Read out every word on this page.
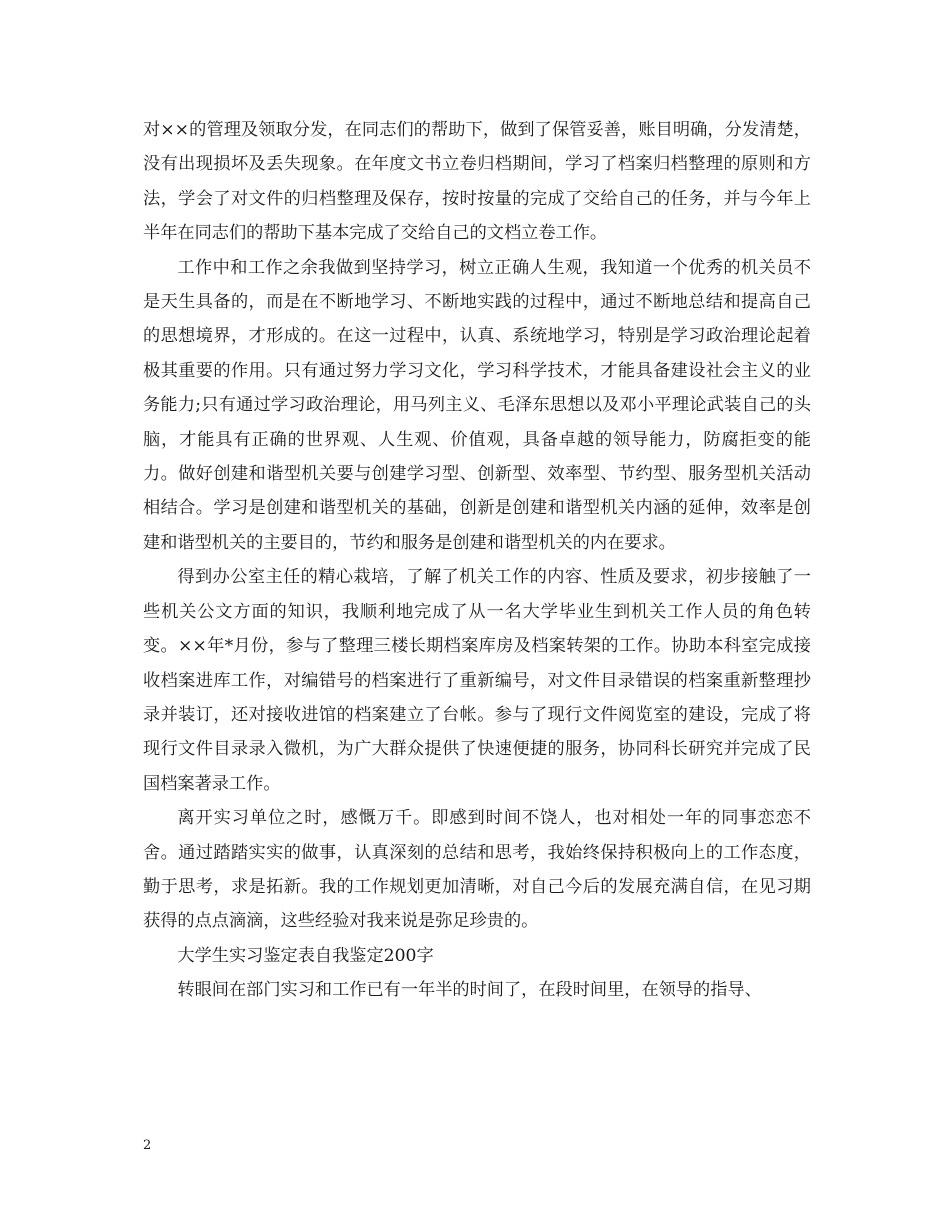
对××的管理及领取分发，在同志们的帮助下，做到了保管妥善，账目明确，分发清楚，没有出现损坏及丢失现象。在年度文书立卷归档期间，学习了档案归档整理的原则和方法，学会了对文件的归档整理及保存，按时按量的完成了交给自己的任务，并与今年上半年在同志们的帮助下基本完成了交给自己的文档立卷工作。

工作中和工作之余我做到坚持学习，树立正确人生观，我知道一个优秀的机关员不是天生具备的，而是在不断地学习、不断地实践的过程中，通过不断地总结和提高自己的思想境界，才形成的。在这一过程中，认真、系统地学习，特别是学习政治理论起着极其重要的作用。只有通过努力学习文化，学习科学技术，才能具备建设社会主义的业务能力;只有通过学习政治理论，用马列主义、毛泽东思想以及邓小平理论武装自己的头脑，才能具有正确的世界观、人生观、价值观，具备卓越的领导能力，防腐拒变的能力。做好创建和谐型机关要与创建学习型、创新型、效率型、节约型、服务型机关活动相结合。学习是创建和谐型机关的基础，创新是创建和谐型机关内涵的延伸，效率是创建和谐型机关的主要目的，节约和服务是创建和谐型机关的内在要求。

得到办公室主任的精心栽培，了解了机关工作的内容、性质及要求，初步接触了一些机关公文方面的知识，我顺利地完成了从一名大学毕业生到机关工作人员的角色转变。××年*月份，参与了整理三楼长期档案库房及档案转架的工作。协助本科室完成接收档案进库工作，对编错号的档案进行了重新编号，对文件目录错误的档案重新整理抄录并装订，还对接收进馆的档案建立了台帐。参与了现行文件阅览室的建设，完成了将现行文件目录录入微机，为广大群众提供了快速便捷的服务，协同科长研究并完成了民国档案著录工作。

离开实习单位之时，感慨万千。即感到时间不饶人，也对相处一年的同事恋恋不舍。通过踏踏实实的做事，认真深刻的总结和思考，我始终保持积极向上的工作态度，勤于思考，求是拓新。我的工作规划更加清晰，对自己今后的发展充满自信，在见习期获得的点点滴滴，这些经验对我来说是弥足珍贵的。

大学生实习鉴定表自我鉴定200字

转眼间在部门实习和工作已有一年半的时间了，在段时间里，在领导的指导、

2
